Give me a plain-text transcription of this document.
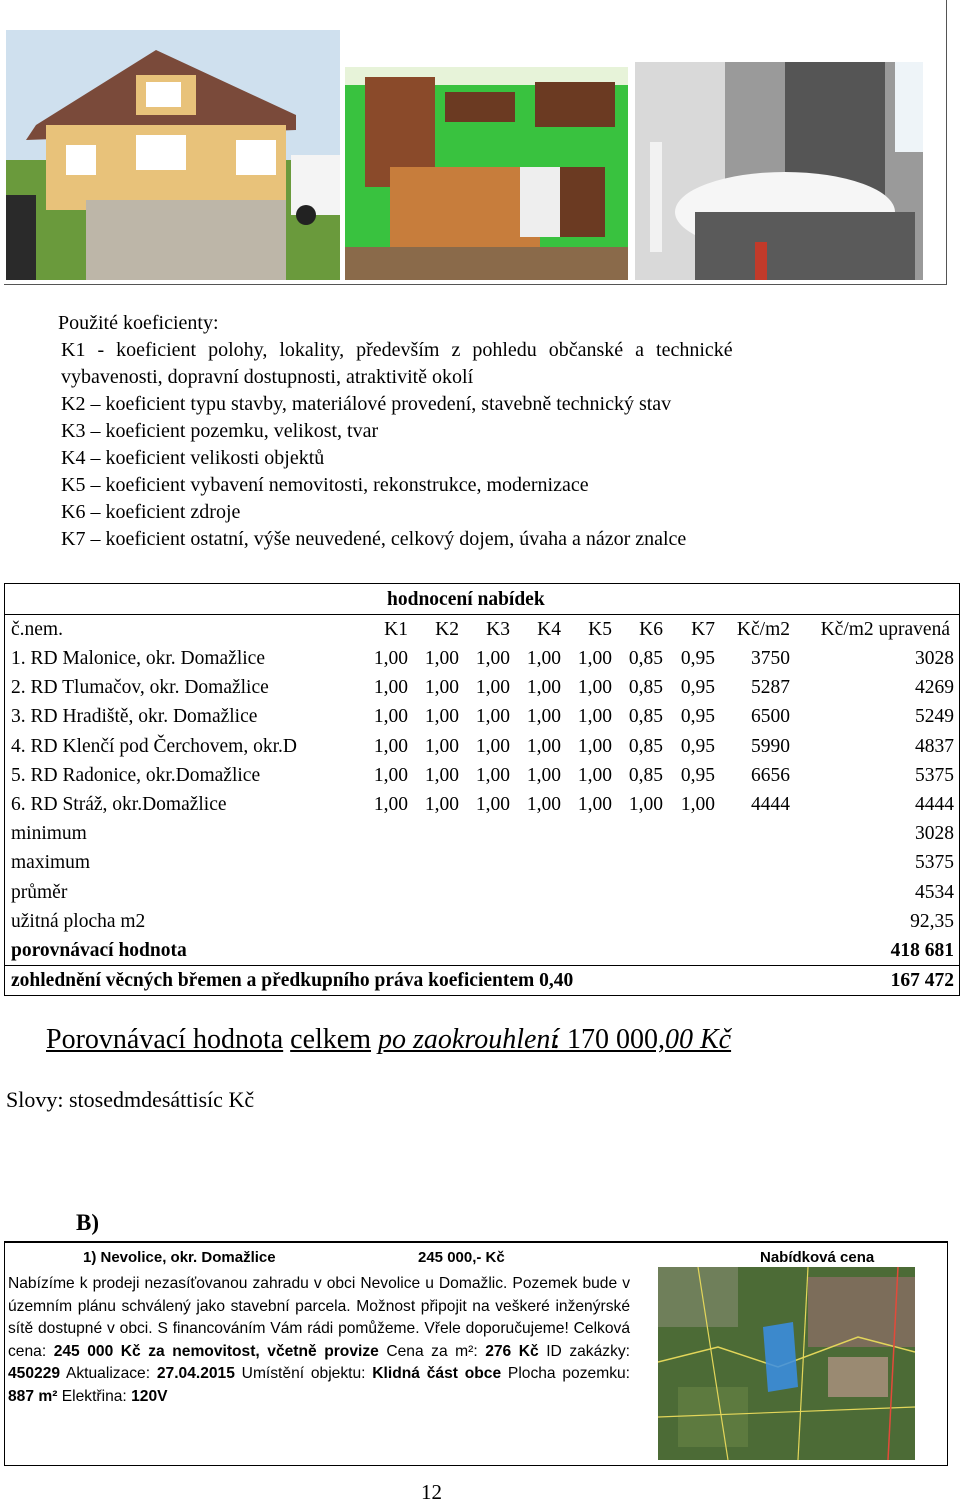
Použité koeficienty:
K1 - koeficient polohy, lokality, především z pohledu občanské a technické
vybavenosti, dopravní dostupnosti, atraktivitě okolí
K2 – koeficient typu stavby, materiálové provedení, stavebně technický stav
K3 – koeficient pozemku, velikost, tvar
K4 – koeficient velikosti objektů
K5 – koeficient vybavení nemovitosti, rekonstrukce, modernizace
K6 – koeficient zdroje
K7 – koeficient ostatní, výše neuvedené, celkový dojem, úvaha a názor znalce
hodnocení nabídek
č.nem.	K1 K2 K3 K4 K5 K6 K7 Kč/m2 Kč/m2 upravená
1. RD Malonice, okr. Domažlice	1,00 1,00 1,00 1,00 1,00 0,85 0,95 3750	3028
2. RD Tlumačov, okr. Domažlice	1,00 1,00 1,00 1,00 1,00 0,85 0,95 5287	4269
3. RD Hradiště, okr. Domažlice	1,00 1,00 1,00 1,00 1,00 0,85 0,95 6500	5249
4. RD Klenčí pod Čerchovem, okr.D	1,00 1,00 1,00 1,00 1,00 0,85 0,95 5990	4837
5. RD Radonice, okr.Domažlice	1,00 1,00 1,00 1,00 1,00 0,85 0,95 6656	5375
6. RD Stráž, okr.Domažlice	1,00 1,00 1,00 1,00 1,00 1,00 1,00 4444	4444
minimum	3028
maximum	5375
průměr	4534
užitná plocha m2	92,35
porovnávací hodnota	418 681
zohlednění věcných břemen a předkupního práva koeficientem 0,40	167 472
Porovnávací hodnota celkem po zaokrouhlení: 170 000,00 Kč
Slovy: stosedmdesáttisíc Kč
B)
1) Nevolice, okr. Domažlice	245 000,- Kč	Nabídková cena
Nabízíme k prodeji nezasíťovanou zahradu v obci Nevolice u Domažlic. Pozemek bude v územním plánu schválený jako stavební parcela. Možnost připojit na veškeré inženýrské sítě dostupné v obci. S financováním Vám rádi pomůžeme. Vřele doporučujeme! Celková cena: 245 000 Kč za nemovitost, včetně provize Cena za m²: 276 Kč ID zakázky: 450229 Aktualizace: 27.04.2015 Umístění objektu: Klidná část obce Plocha pozemku: 887 m² Elektřina: 120V
12
